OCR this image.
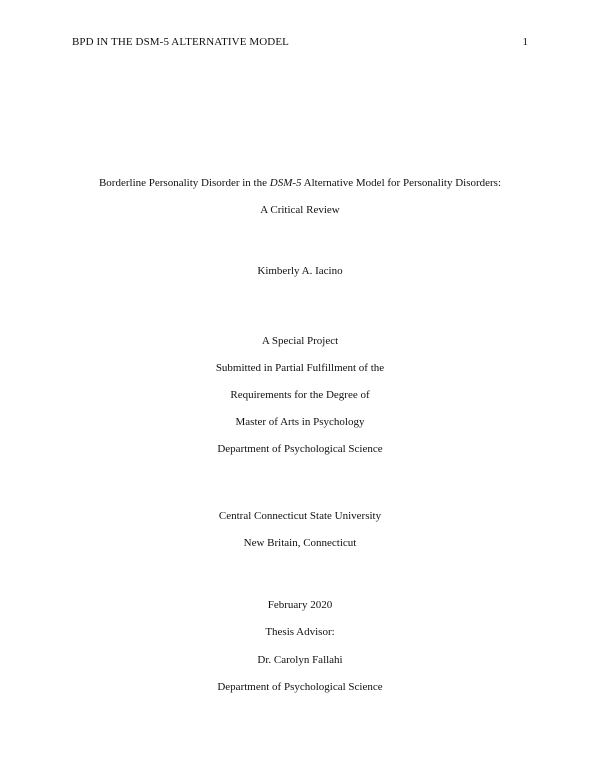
BPD IN THE DSM-5 ALTERNATIVE MODEL	1
Borderline Personality Disorder in the DSM-5 Alternative Model for Personality Disorders:
A Critical Review
Kimberly A. Iacino
A Special Project
Submitted in Partial Fulfillment of the
Requirements for the Degree of
Master of Arts in Psychology
Department of Psychological Science
Central Connecticut State University
New Britain, Connecticut
February 2020
Thesis Advisor:
Dr. Carolyn Fallahi
Department of Psychological Science
